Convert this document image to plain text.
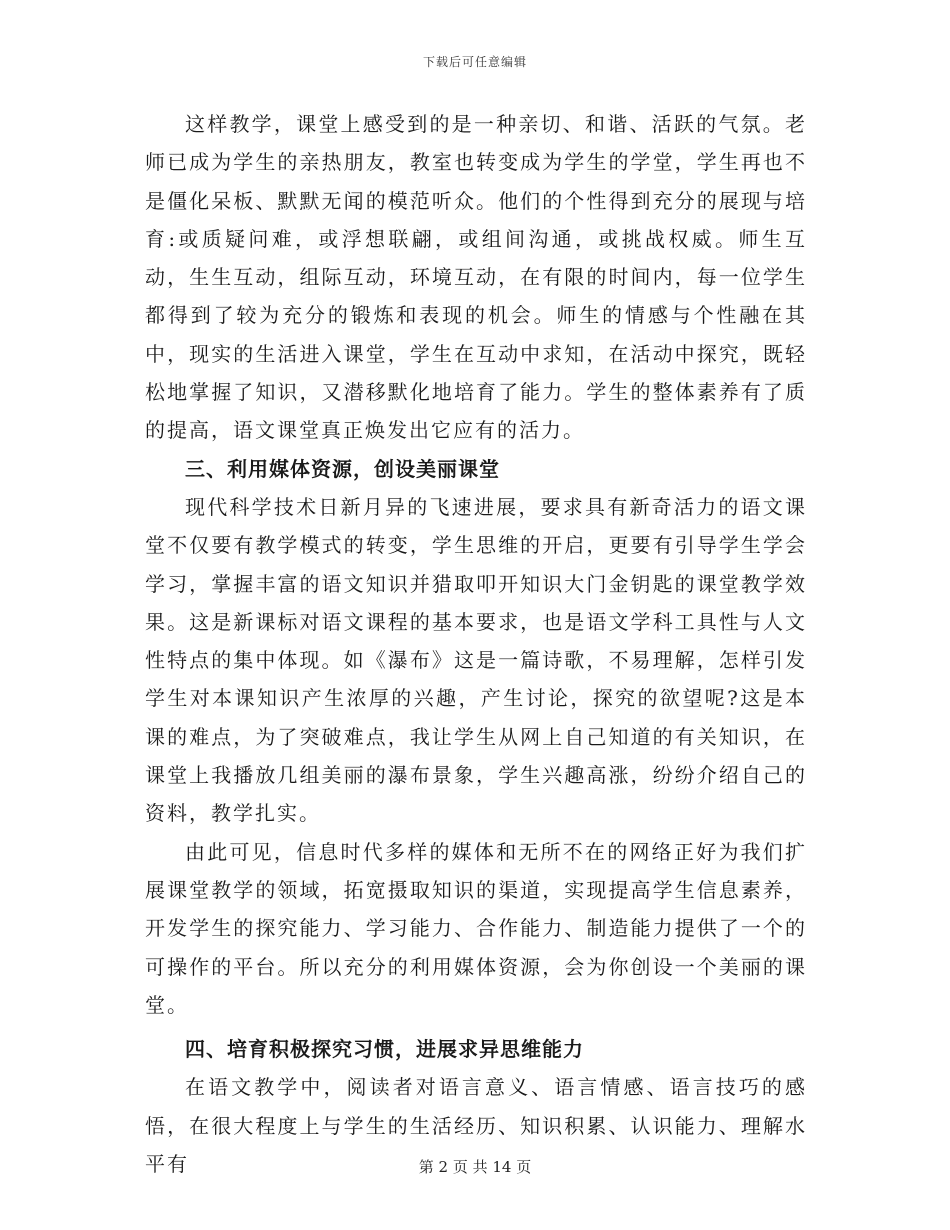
下载后可任意编辑

这样教学，课堂上感受到的是一种亲切、和谐、活跃的气氛。老师已成为学生的亲热朋友，教室也转变成为学生的学堂，学生再也不是僵化呆板、默默无闻的模范听众。他们的个性得到充分的展现与培育:或质疑问难，或浮想联翩，或组间沟通，或挑战权威。师生互动，生生互动，组际互动，环境互动，在有限的时间内，每一位学生都得到了较为充分的锻炼和表现的机会。师生的情感与个性融在其中，现实的生活进入课堂，学生在互动中求知，在活动中探究，既轻松地掌握了知识，又潜移默化地培育了能力。学生的整体素养有了质的提高，语文课堂真正焕发出它应有的活力。

三、利用媒体资源，创设美丽课堂

现代科学技术日新月异的飞速进展，要求具有新奇活力的语文课堂不仅要有教学模式的转变，学生思维的开启，更要有引导学生学会学习，掌握丰富的语文知识并猎取叩开知识大门金钥匙的课堂教学效果。这是新课标对语文课程的基本要求，也是语文学科工具性与人文性特点的集中体现。如《瀑布》这是一篇诗歌，不易理解，怎样引发学生对本课知识产生浓厚的兴趣，产生讨论，探究的欲望呢?这是本课的难点，为了突破难点，我让学生从网上自己知道的有关知识，在课堂上我播放几组美丽的瀑布景象，学生兴趣高涨，纷纷介绍自己的资料，教学扎实。

由此可见，信息时代多样的媒体和无所不在的网络正好为我们扩展课堂教学的领域，拓宽摄取知识的渠道，实现提高学生信息素养，开发学生的探究能力、学习能力、合作能力、制造能力提供了一个的可操作的平台。所以充分的利用媒体资源，会为你创设一个美丽的课堂。

四、培育积极探究习惯，进展求异思维能力

在语文教学中，阅读者对语言意义、语言情感、语言技巧的感悟，在很大程度上与学生的生活经历、知识积累、认识能力、理解水平有	第 2 页 共 14 页
